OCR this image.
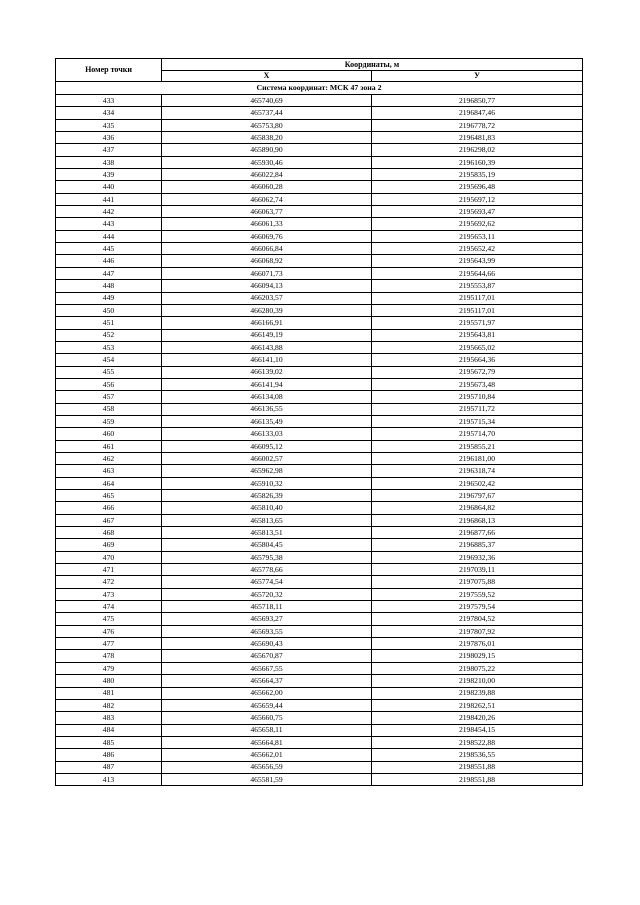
Номер точки	Координаты, м	
	X	У
Система координат: МСК 47 зона 2		
433	465740,69	2196850,77
434	465737,44	2196847,46
435	465753,80	2196778,72
436	465838,20	2196481,83
437	465890,90	2196298,02
438	465930,46	2196160,39
439	466022,84	2195835,19
440	466060,28	2195696,48
441	466062,74	2195697,12
442	466063,77	2195693,47
443	466061,33	2195692,62
444	466069,76	2195653,11
445	466066,84	2195652,42
446	466068,92	2195643,99
447	466071,73	2195644,66
448	466094,13	2195553,87
449	466203,57	2195117,01
450	466280,39	2195117,01
451	466166,91	2195571,97
452	466149,19	2195643,81
453	466143,88	2195665,02
454	466141,10	2195664,36
455	466139,02	2195672,79
456	466141,94	2195673,48
457	466134,08	2195710,84
458	466136,55	2195711,72
459	466135,49	2195715,34
460	466133,03	2195714,70
461	466095,12	2195855,21
462	466002,57	2196181,00
463	465962,98	2196318,74
464	465910,32	2196502,42
465	465826,39	2196797,67
466	465810,40	2196864,82
467	465813,65	2196868,13
468	465813,51	2196877,66
469	465804,45	2196885,37
470	465795,38	2196932,36
471	465778,66	2197039,11
472	465774,54	2197075,88
473	465720,32	2197559,52
474	465718,11	2197579,54
475	465693,27	2197804,52
476	465693,55	2197807,92
477	465690,43	2197876,01
478	465670,87	2198029,15
479	465667,55	2198075,22
480	465664,37	2198210,00
481	465662,00	2198239,88
482	465659,44	2198262,51
483	465660,75	2198420,26
484	465658,11	2198454,15
485	465664,81	2198522,88
486	465662,01	2198536,55
487	465656,59	2198551,88
413	465581,59	2198551,88
